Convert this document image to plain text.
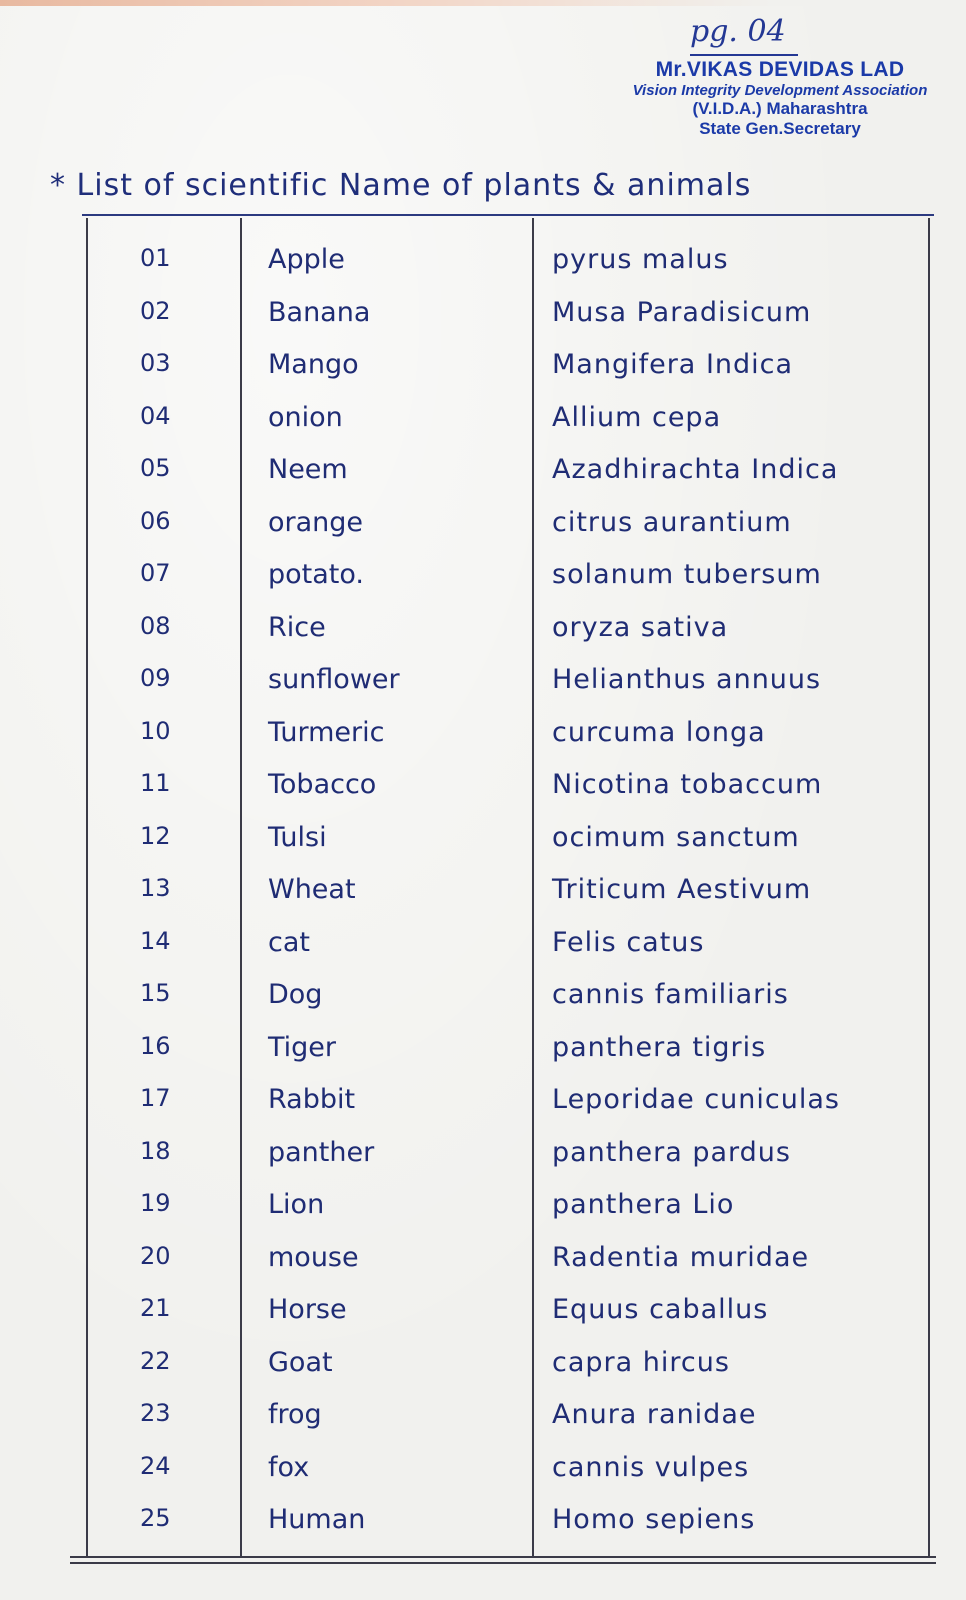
pg. 04
Mr.VIKAS DEVIDAS LAD
Vision Integrity Development Association
(V.I.D.A.) Maharashtra
State Gen.Secretary
* List of scientific Name of plants & animals
01	Apple	pyrus malus
02	Banana	Musa Paradisicum
03	Mango	Mangifera Indica
04	onion	Allium cepa
05	Neem	Azadhirachta Indica
06	orange	citrus aurantium
07	potato.	solanum tubersum
08	Rice	oryza sativa
09	sunflower	Helianthus annuus
10	Turmeric	curcuma longa
11	Tobacco	Nicotina tobaccum
12	Tulsi	ocimum sanctum
13	Wheat	Triticum Aestivum
14	cat	Felis catus
15	Dog	cannis familiaris
16	Tiger	panthera tigris
17	Rabbit	Leporidae cuniculas
18	panther	panthera pardus
19	Lion	panthera Lio
20	mouse	Radentia muridae
21	Horse	Equus caballus
22	Goat	capra hircus
23	frog	Anura ranidae
24	fox	cannis vulpes
25	Human	Homo sepiens
